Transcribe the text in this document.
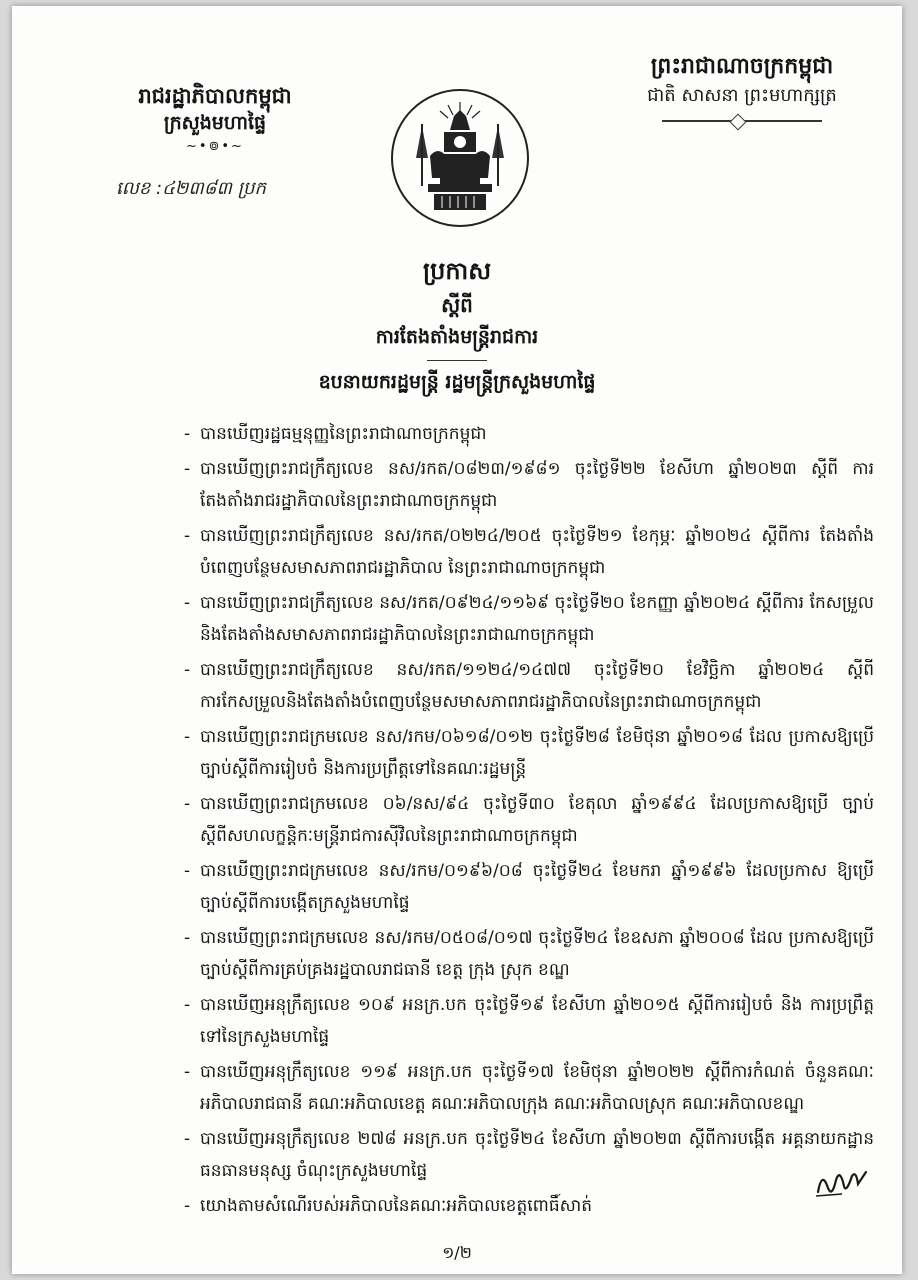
រាជរដ្ឋាភិបាលកម្ពុជា
ក្រសួងមហាផ្ទៃ
~•៙•~
លេខ :៤២៣៨៣ ប្រក
ព្រះរាជាណាចក្រកម្ពុជា
ជាតិ សាសនា ព្រះមហាក្សត្រ
ប្រកាស
ស្តីពី
ការតែងតាំងមន្ត្រីរាជការ
ឧបនាយករដ្ឋមន្ត្រី រដ្ឋមន្ត្រីក្រសួងមហាផ្ទៃ
- បានឃើញរដ្ឋធម្មនុញ្ញនៃព្រះរាជាណាចក្រកម្ពុជា
- បានឃើញព្រះរាជក្រឹត្យលេខ នស/រកត/០៨២៣/១៩៨១ ចុះថ្ងៃទី២២ ខែសីហា ឆ្នាំ២០២៣ ស្តីពី ការតែងតាំងរាជរដ្ឋាភិបាលនៃព្រះរាជាណាចក្រកម្ពុជា
- បានឃើញព្រះរាជក្រឹត្យលេខ នស/រកត/០២២៤/២០៥ ចុះថ្ងៃទី២១ ខែកុម្ភៈ ឆ្នាំ២០២៤ ស្តីពីការ តែងតាំងបំពេញបន្ថែមសមាសភាពរាជរដ្ឋាភិបាល នៃព្រះរាជាណាចក្រកម្ពុជា
- បានឃើញព្រះរាជក្រឹត្យលេខ នស/រកត/០៩២៤/១១៦៩ ចុះថ្ងៃទី២០ ខែកញ្ញា ឆ្នាំ២០២៤ ស្តីពីការ កែសម្រួលនិងតែងតាំងសមាសភាពរាជរដ្ឋាភិបាលនៃព្រះរាជាណាចក្រកម្ពុជា
- បានឃើញព្រះរាជក្រឹត្យលេខ នស/រកត/១១២៤/១៤៧៧ ចុះថ្ងៃទី២០ ខែវិច្ឆិកា ឆ្នាំ២០២៤ ស្តីពី ការកែសម្រួលនិងតែងតាំងបំពេញបន្ថែមសមាសភាពរាជរដ្ឋាភិបាលនៃព្រះរាជាណាចក្រកម្ពុជា
- បានឃើញព្រះរាជក្រមលេខ នស/រកម/០៦១៨/០១២ ចុះថ្ងៃទី២៨ ខែមិថុនា ឆ្នាំ២០១៨ ដែល ប្រកាសឱ្យប្រើច្បាប់ស្តីពីការរៀបចំ និងការប្រព្រឹត្តទៅនៃគណៈរដ្ឋមន្ត្រី
- បានឃើញព្រះរាជក្រមលេខ ០៦/នស/៩៤ ចុះថ្ងៃទី៣០ ខែតុលា ឆ្នាំ១៩៩៤ ដែលប្រកាសឱ្យប្រើ ច្បាប់ស្តីពីសហលក្ខន្តិកៈមន្ត្រីរាជការស៊ីវិលនៃព្រះរាជាណាចក្រកម្ពុជា
- បានឃើញព្រះរាជក្រមលេខ នស/រកម/០១៩៦/០៨ ចុះថ្ងៃទី២៤ ខែមករា ឆ្នាំ១៩៩៦ ដែលប្រកាស ឱ្យប្រើច្បាប់ស្តីពីការបង្កើតក្រសួងមហាផ្ទៃ
- បានឃើញព្រះរាជក្រមលេខ នស/រកម/០៥០៨/០១៧ ចុះថ្ងៃទី២៤ ខែឧសភា ឆ្នាំ២០០៨ ដែល ប្រកាសឱ្យប្រើច្បាប់ស្តីពីការគ្រប់គ្រងរដ្ឋបាលរាជធានី ខេត្ត ក្រុង ស្រុក ខណ្ឌ
- បានឃើញអនុក្រឹត្យលេខ ១០៩ អនក្រ.បក ចុះថ្ងៃទី១៩ ខែសីហា ឆ្នាំ២០១៥ ស្តីពីការរៀបចំ និង ការប្រព្រឹត្តទៅនៃក្រសួងមហាផ្ទៃ
- បានឃើញអនុក្រឹត្យលេខ ១១៩ អនក្រ.បក ចុះថ្ងៃទី១៧ ខែមិថុនា ឆ្នាំ២០២២ ស្តីពីការកំណត់ ចំនួនគណៈអភិបាលរាជធានី គណៈអភិបាលខេត្ត គណៈអភិបាលក្រុង គណៈអភិបាលស្រុក គណៈអភិបាលខណ្ឌ
- បានឃើញអនុក្រឹត្យលេខ ២៧៨ អនក្រ.បក ចុះថ្ងៃទី២៤ ខែសីហា ឆ្នាំ២០២៣ ស្តីពីការបង្កើត អគ្គនាយកដ្ឋានធនធានមនុស្ស ចំណុះក្រសួងមហាផ្ទៃ
- យោងតាមសំណើរបស់អភិបាលនៃគណៈអភិបាលខេត្តពោធិ៍សាត់
១/២
